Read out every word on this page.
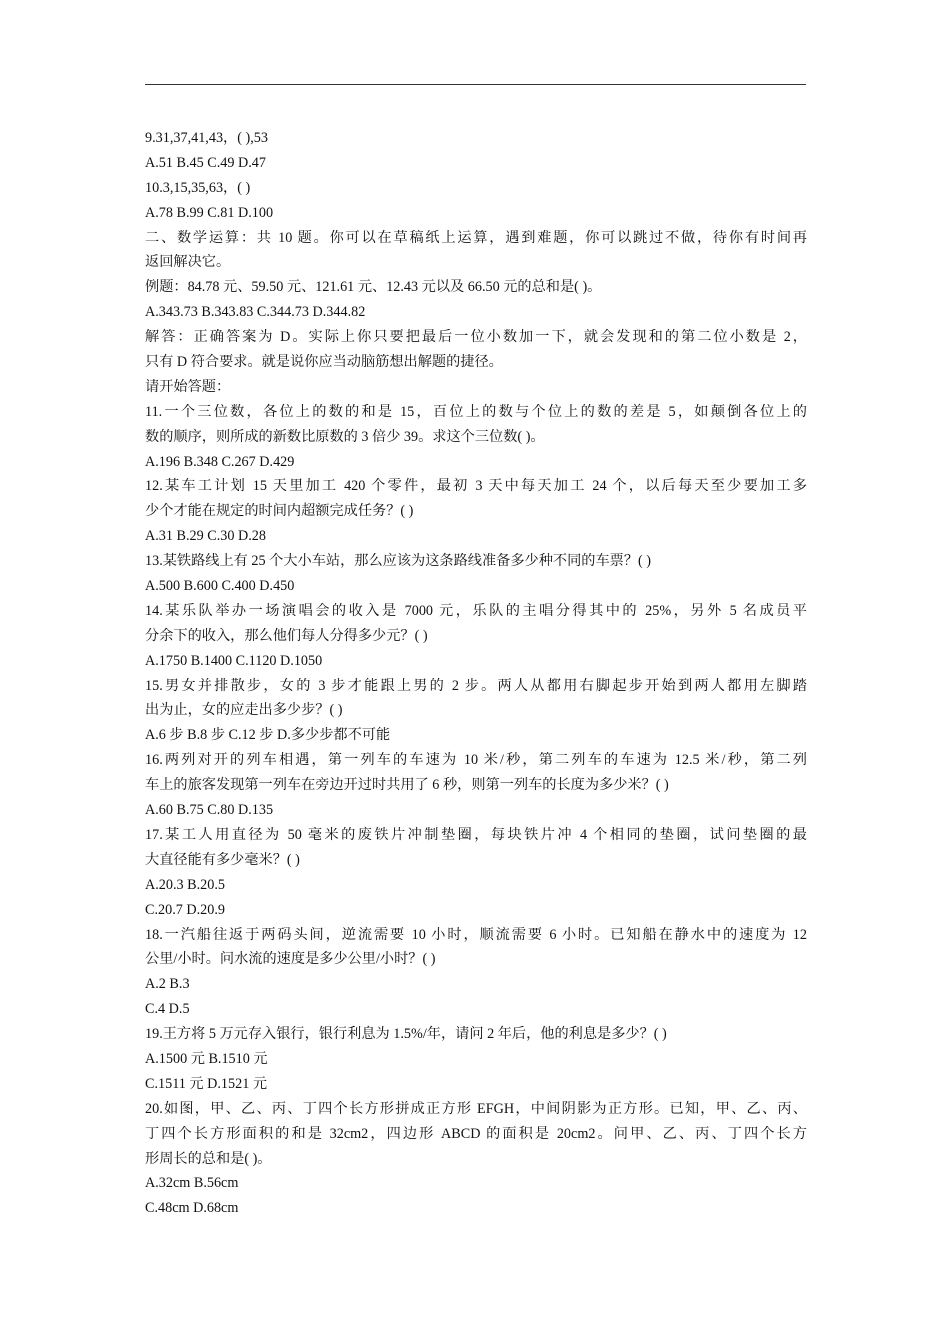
9.31,37,41,43，( ),53
A.51 B.45 C.49 D.47
10.3,15,35,63，( )
A.78 B.99 C.81 D.100
二、数学运算：共 10 题。你可以在草稿纸上运算，遇到难题，你可以跳过不做，待你有时间再
返回解决它。
例题：84.78 元、59.50 元、121.61 元、12.43 元以及 66.50 元的总和是( )。
A.343.73 B.343.83 C.344.73 D.344.82
解答：正确答案为 D。实际上你只要把最后一位小数加一下，就会发现和的第二位小数是 2，
只有 D 符合要求。就是说你应当动脑筋想出解题的捷径。
请开始答题：
11.一个三位数，各位上的数的和是 15，百位上的数与个位上的数的差是 5，如颠倒各位上的
数的顺序，则所成的新数比原数的 3 倍少 39。求这个三位数( )。
A.196 B.348 C.267 D.429
12.某车工计划 15 天里加工 420 个零件，最初 3 天中每天加工 24 个，以后每天至少要加工多
少个才能在规定的时间内超额完成任务？( )
A.31 B.29 C.30 D.28
13.某铁路线上有 25 个大小车站，那么应该为这条路线准备多少种不同的车票？( )
A.500 B.600 C.400 D.450
14.某乐队举办一场演唱会的收入是 7000 元，乐队的主唱分得其中的 25%，另外 5 名成员平
分余下的收入，那么他们每人分得多少元？( )
A.1750 B.1400 C.1120 D.1050
15.男女并排散步，女的 3 步才能跟上男的 2 步。两人从都用右脚起步开始到两人都用左脚踏
出为止，女的应走出多少步？( )
A.6 步 B.8 步 C.12 步 D.多少步都不可能
16.两列对开的列车相遇，第一列车的车速为 10 米/秒，第二列车的车速为 12.5 米/秒，第二列
车上的旅客发现第一列车在旁边开过时共用了 6 秒，则第一列车的长度为多少米？( )
A.60 B.75 C.80 D.135
17.某工人用直径为 50 毫米的废铁片冲制垫圈，每块铁片冲 4 个相同的垫圈，试问垫圈的最
大直径能有多少毫米？( )
A.20.3 B.20.5
C.20.7 D.20.9
18.一汽船往返于两码头间，逆流需要 10 小时，顺流需要 6 小时。已知船在静水中的速度为 12
公里/小时。问水流的速度是多少公里/小时？( )
A.2 B.3
C.4 D.5
19.王方将 5 万元存入银行，银行利息为 1.5%/年，请问 2 年后，他的利息是多少？( )
A.1500 元 B.1510 元
C.1511 元 D.1521 元
20.如图，甲、乙、丙、丁四个长方形拼成正方形 EFGH，中间阴影为正方形。已知，甲、乙、丙、
丁四个长方形面积的和是 32cm2，四边形 ABCD 的面积是 20cm2。问甲、乙、丙、丁四个长方
形周长的总和是( )。
A.32cm B.56cm
C.48cm D.68cm
